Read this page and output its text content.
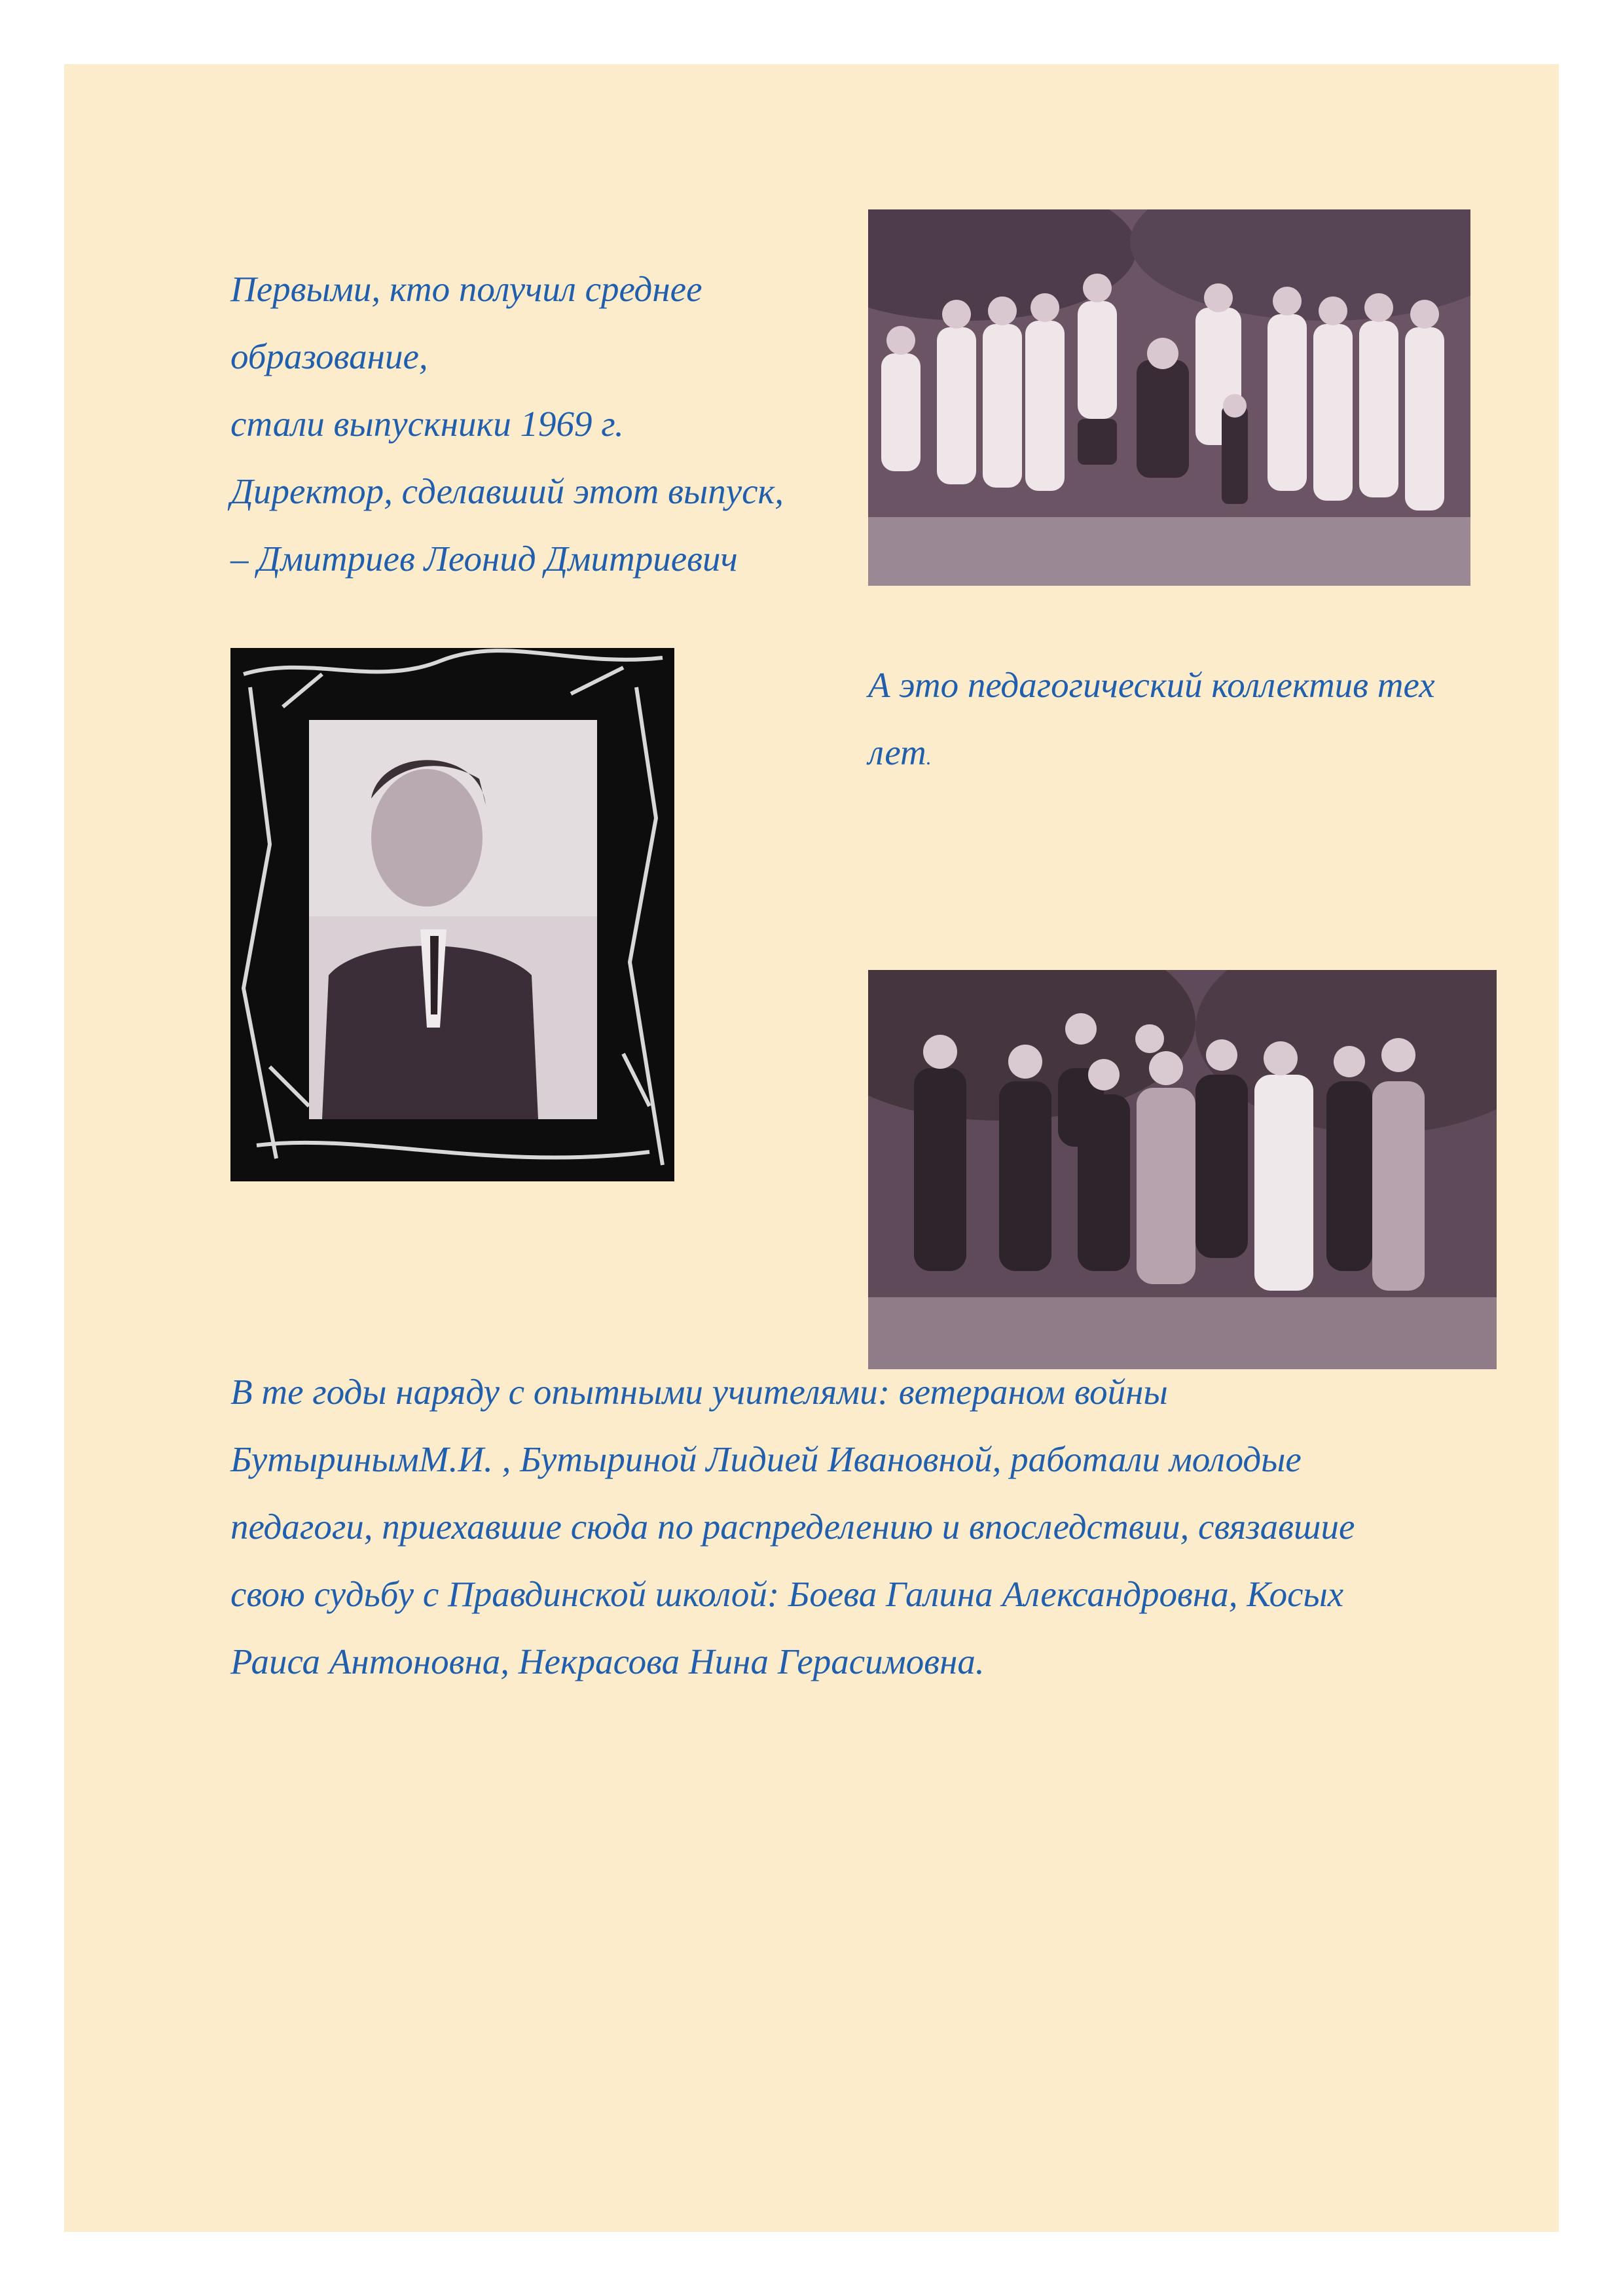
Первыми, кто получил среднее
образование,
стали выпускники 1969 г.
Директор, сделавший этот выпуск,
– Дмитриев Леонид Дмитриевич
А это педагогический коллектив тех
лет.
В те годы наряду с опытными учителями: ветераном войны
БутыринымМ.И. , Бутыриной Лидией Ивановной, работали молодые
педагоги, приехавшие сюда по распределению и впоследствии, связавшие
свою судьбу с Правдинской школой: Боева Галина Александровна, Косых
Раиса Антоновна, Некрасова Нина Герасимовна.
